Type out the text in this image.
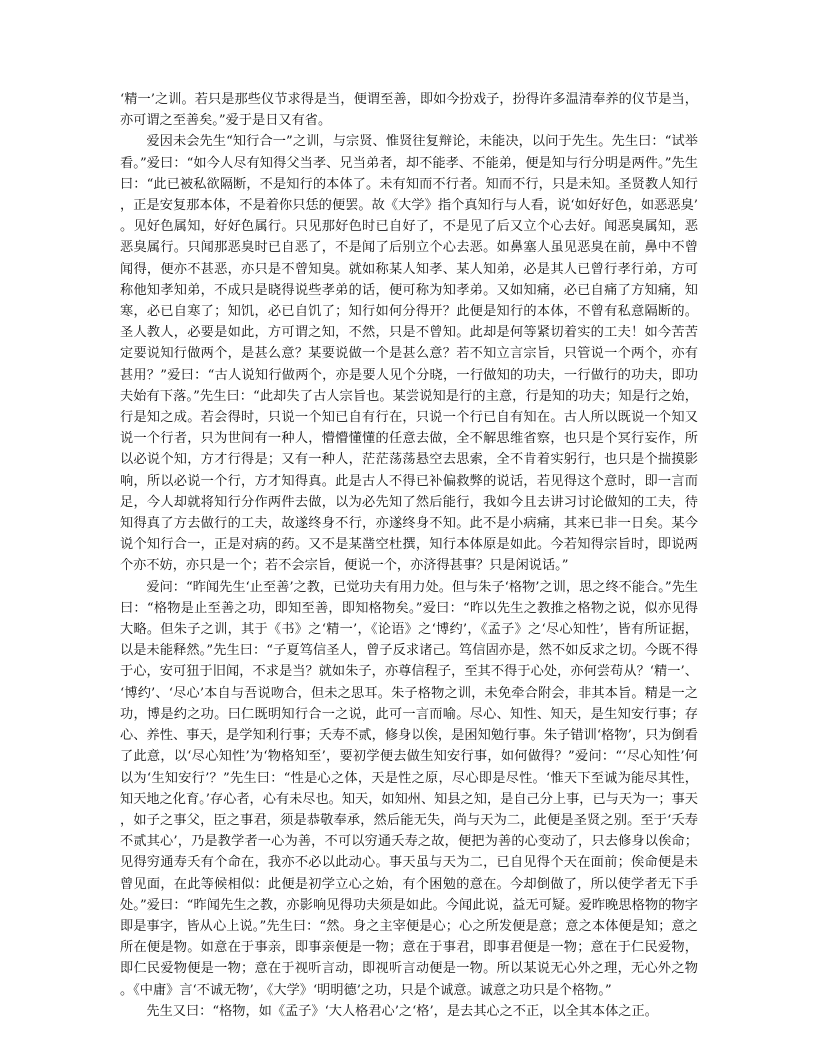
‘精一’之训。若只是那些仪节求得是当，便谓至善，即如今扮戏子，扮得许多温清奉养的仪节是当，亦可谓之至善矣。”爱于是日又有省。

爱因未会先生“知行合一”之训，与宗贤、惟贤往复辩论，未能决，以问于先生。先生曰：“试举看。”爱曰：“如今人尽有知得父当孝、兄当弟者，却不能孝、不能弟，便是知与行分明是两件。”先生曰：“此已被私欲隔断，不是知行的本体了。未有知而不行者。知而不行，只是未知。圣贤教人知行，正是安复那本体，不是着你只恁的便罢。故《大学》指个真知行与人看，说‘如好好色，如恶恶臭’。见好色属知，好好色属行。只见那好色时已自好了，不是见了后又立个心去好。闻恶臭属知，恶恶臭属行。只闻那恶臭时已自恶了，不是闻了后别立个心去恶。如鼻塞人虽见恶臭在前，鼻中不曾闻得，便亦不甚恶，亦只是不曾知臭。就如称某人知孝、某人知弟，必是其人已曾行孝行弟，方可称他知孝知弟，不成只是晓得说些孝弟的话，便可称为知孝弟。又如知痛，必已自痛了方知痛，知寒，必已自寒了；知饥，必已自饥了；知行如何分得开？此便是知行的本体，不曾有私意隔断的。圣人教人，必要是如此，方可谓之知，不然，只是不曾知。此却是何等紧切着实的工夫！如今苦苦定要说知行做两个，是甚么意？某要说做一个是甚么意？若不知立言宗旨，只管说一个两个，亦有甚用？”爱曰：“古人说知行做两个，亦是要人见个分晓，一行做知的功夫，一行做行的功夫，即功夫始有下落。”先生曰：“此却失了古人宗旨也。某尝说知是行的主意，行是知的功夫；知是行之始，行是知之成。若会得时，只说一个知已自有行在，只说一个行已自有知在。古人所以既说一个知又说一个行者，只为世间有一种人，懵懵懂懂的任意去做，全不解思维省察，也只是个冥行妄作，所以必说个知，方才行得是；又有一种人，茫茫荡荡悬空去思索，全不肯着实躬行，也只是个揣摸影响，所以必说一个行，方才知得真。此是古人不得已补偏救弊的说话，若见得这个意时，即一言而足，今人却就将知行分作两件去做，以为必先知了然后能行，我如今且去讲习讨论做知的工夫，待知得真了方去做行的工夫，故遂终身不行，亦遂终身不知。此不是小病痛，其来已非一日矣。某今说个知行合一，正是对病的药。又不是某凿空杜撰，知行本体原是如此。今若知得宗旨时，即说两个亦不妨，亦只是一个；若不会宗旨，便说一个，亦济得甚事？只是闲说话。”

爱问：“昨闻先生‘止至善’之教，已觉功夫有用力处。但与朱子‘格物’之训，思之终不能合。”先生曰：“格物是止至善之功，即知至善，即知格物矣。”爱曰：“昨以先生之教推之格物之说，似亦见得大略。但朱子之训，其于《书》之‘精一’，《论语》之‘博约’，《孟子》之‘尽心知性’，皆有所证据，以是未能释然。”先生曰：“子夏笃信圣人，曾子反求诸己。笃信固亦是，然不如反求之切。今既不得于心，安可狃于旧闻，不求是当？就如朱子，亦尊信程子，至其不得于心处，亦何尝苟从？‘精一’、‘博约’、‘尽心’本自与吾说吻合，但未之思耳。朱子格物之训，未免牵合附会，非其本旨。精是一之功，博是约之功。曰仁既明知行合一之说，此可一言而喻。尽心、知性、知天，是生知安行事；存心、养性、事天，是学知利行事；夭寿不贰，修身以俟，是困知勉行事。朱子错训‘格物’，只为倒看了此意，以‘尽心知性’为‘物格知至’，要初学便去做生知安行事，如何做得？”爱问：“‘尽心知性’何以为‘生知安行’？”先生曰：“性是心之体，天是性之原，尽心即是尽性。‘惟天下至诚为能尽其性，知天地之化育。’存心者，心有未尽也。知天，如知州、知县之知，是自己分上事，已与天为一；事天，如子之事父，臣之事君，须是恭敬奉承，然后能无失，尚与天为二，此便是圣贤之别。至于‘夭寿不贰其心’，乃是教学者一心为善，不可以穷通夭寿之故，便把为善的心变动了，只去修身以俟命；见得穷通寿夭有个命在，我亦不必以此动心。事天虽与天为二，已自见得个天在面前；俟命便是未曾见面，在此等候相似：此便是初学立心之始，有个困勉的意在。今却倒做了，所以使学者无下手处。”爱曰：“昨闻先生之教，亦影响见得功夫须是如此。今闻此说，益无可疑。爱昨晚思格物的物字即是事字，皆从心上说。”先生曰：“然。身之主宰便是心；心之所发便是意；意之本体便是知；意之所在便是物。如意在于事亲，即事亲便是一物；意在于事君，即事君便是一物；意在于仁民爱物，即仁民爱物便是一物；意在于视听言动，即视听言动便是一物。所以某说无心外之理，无心外之物。《中庸》言‘不诚无物’，《大学》‘明明德’之功，只是个诚意。诚意之功只是个格物。”

先生又曰：“格物，如《孟子》‘大人格君心’之‘格’，是去其心之不正，以全其本体之正。
